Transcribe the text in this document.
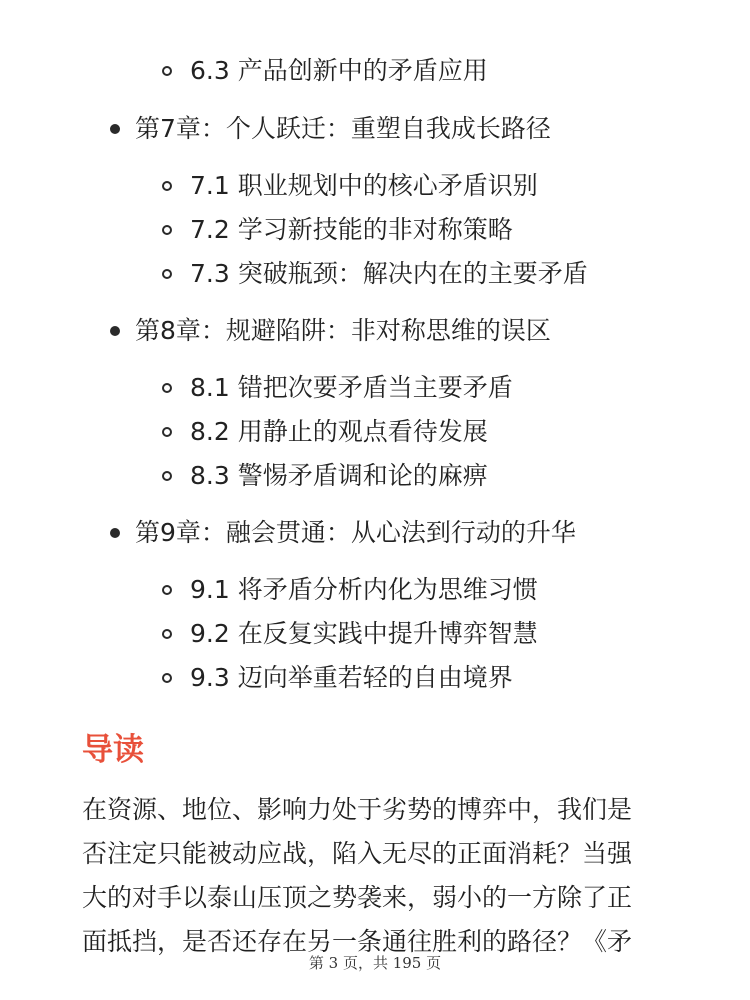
6.3 产品创新中的矛盾应用
第7章：个人跃迁：重塑自我成长路径
7.1 职业规划中的核心矛盾识别
7.2 学习新技能的非对称策略
7.3 突破瓶颈：解决内在的主要矛盾
第8章：规避陷阱：非对称思维的误区
8.1 错把次要矛盾当主要矛盾
8.2 用静止的观点看待发展
8.3 警惕矛盾调和论的麻痹
第9章：融会贯通：从心法到行动的升华
9.1 将矛盾分析内化为思维习惯
9.2 在反复实践中提升博弈智慧
9.3 迈向举重若轻的自由境界
导读
在资源、地位、影响力处于劣势的博弈中，我们是
否注定只能被动应战，陷入无尽的正面消耗？当强
大的对手以泰山压顶之势袭来，弱小的一方除了正
面抵挡，是否还存在另一条通往胜利的路径？《矛
第 3 页，共 195 页
